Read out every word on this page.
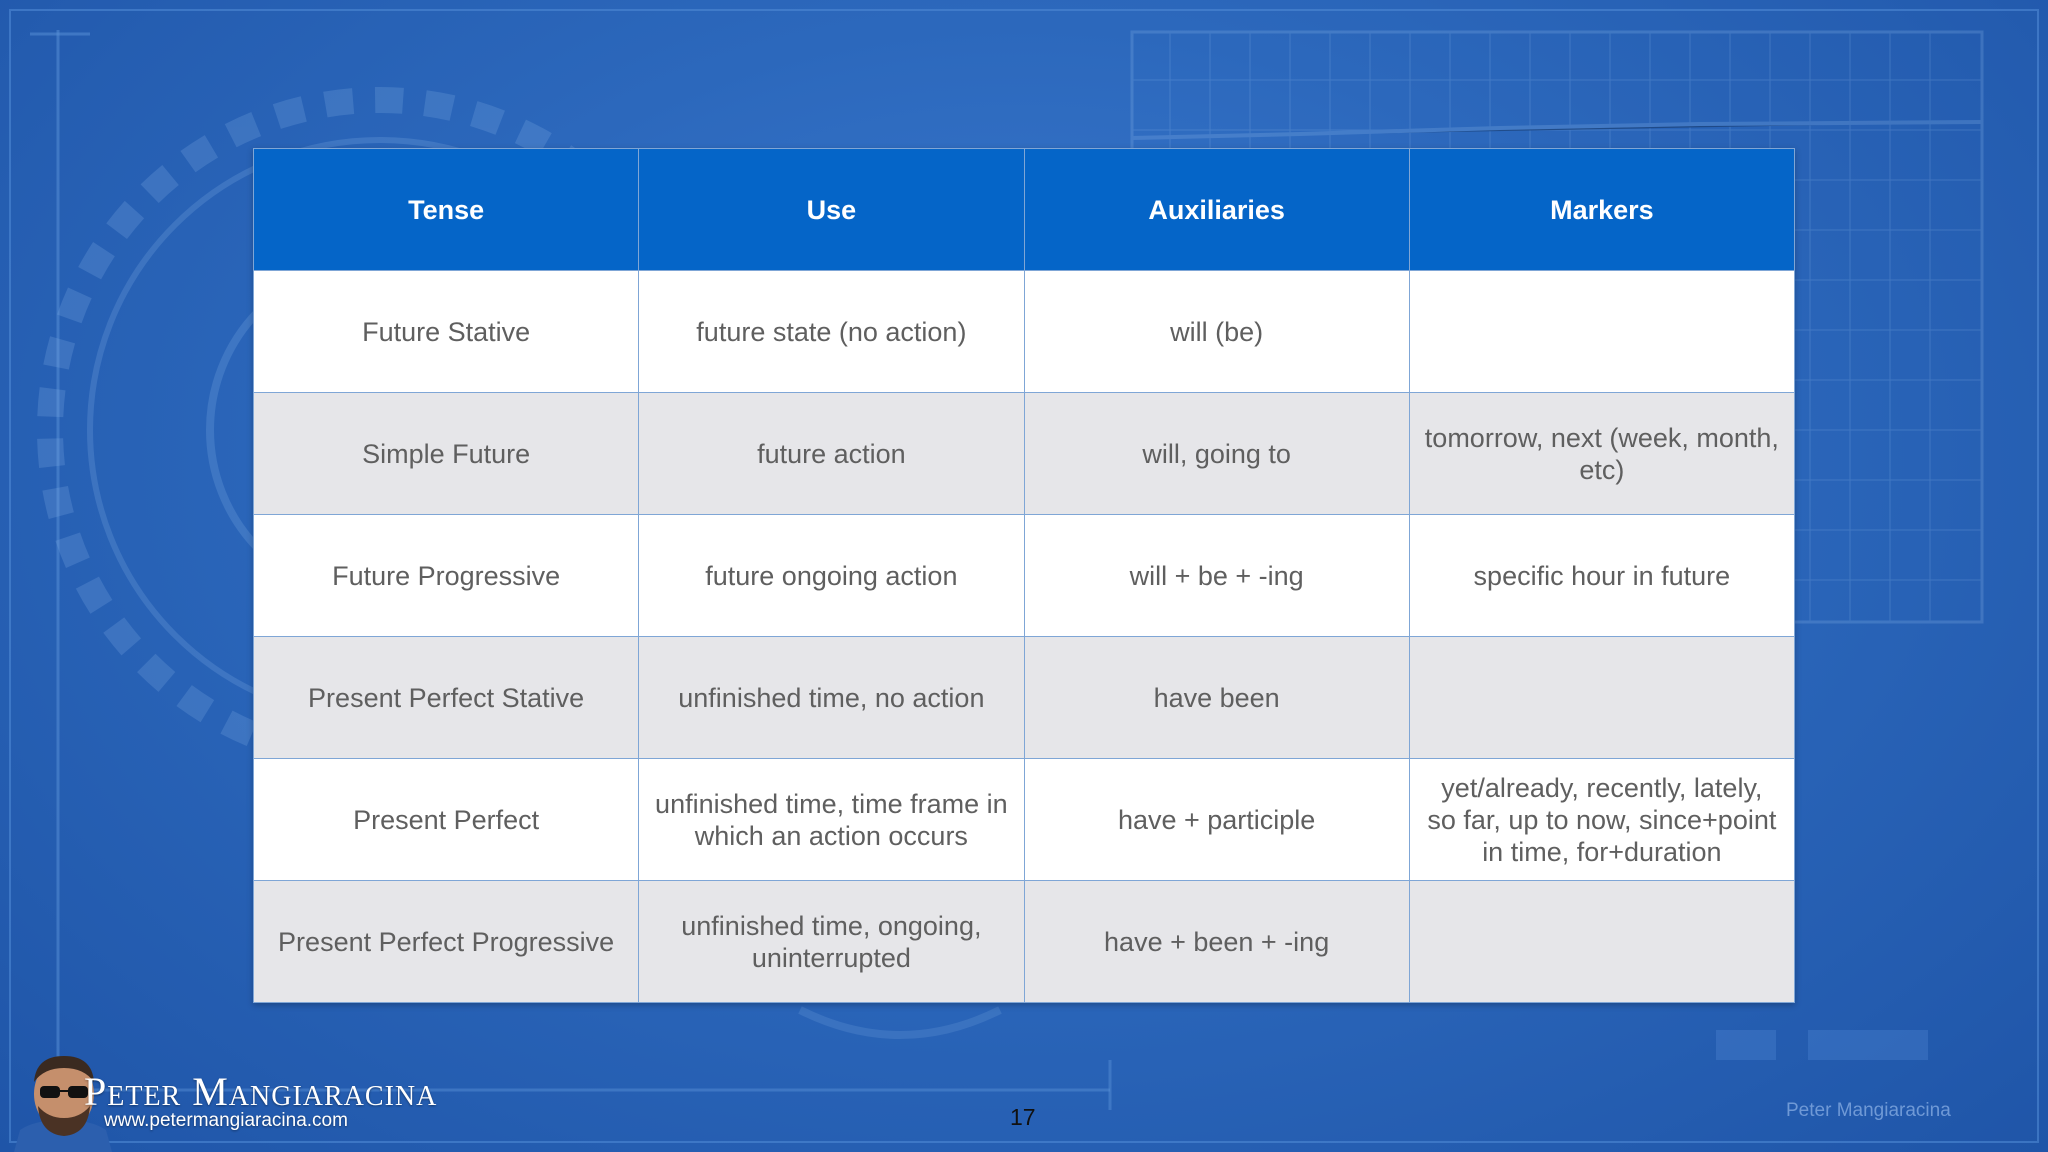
Tense	Use	Auxiliaries	Markers
Future Stative	future state (no action)	will (be)	
Simple Future	future action	will, going to	tomorrow, next (week, month, etc)
Future Progressive	future ongoing action	will + be + -ing	specific hour in future
Present Perfect Stative	unfinished time, no action	have been	
Present Perfect	unfinished time, time frame in which an action occurs	have + participle	yet/already, recently, lately, so far, up to now, since+point in time, for+duration
Present Perfect Progressive	unfinished time, ongoing, uninterrupted	have + been + -ing	
Peter Mangiaracina
www.petermangiaracina.com	17	Peter Mangiaracina
